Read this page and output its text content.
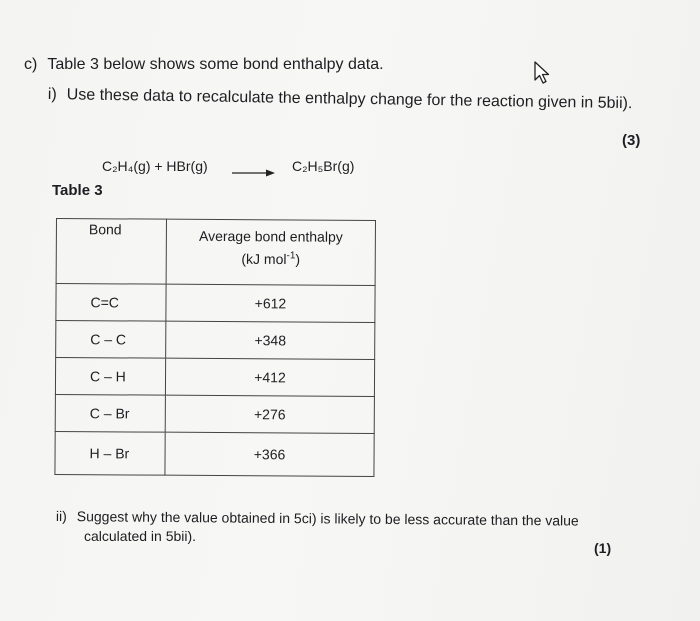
c) Table 3 below shows some bond enthalpy data.
i) Use these data to recalculate the enthalpy change for the reaction given in 5bii).
(3)
C₂H₄(g) + HBr(g) → C₂H₅Br(g)
Table 3
Bond	Average bond enthalpy
(kJ mol$^{-1}$)
C=C	+612
C – C	+348
C – H	+412
C – Br	+276
H – Br	+366
ii) Suggest why the value obtained in 5ci) is likely to be less accurate than the value
calculated in 5bii).
(1)
